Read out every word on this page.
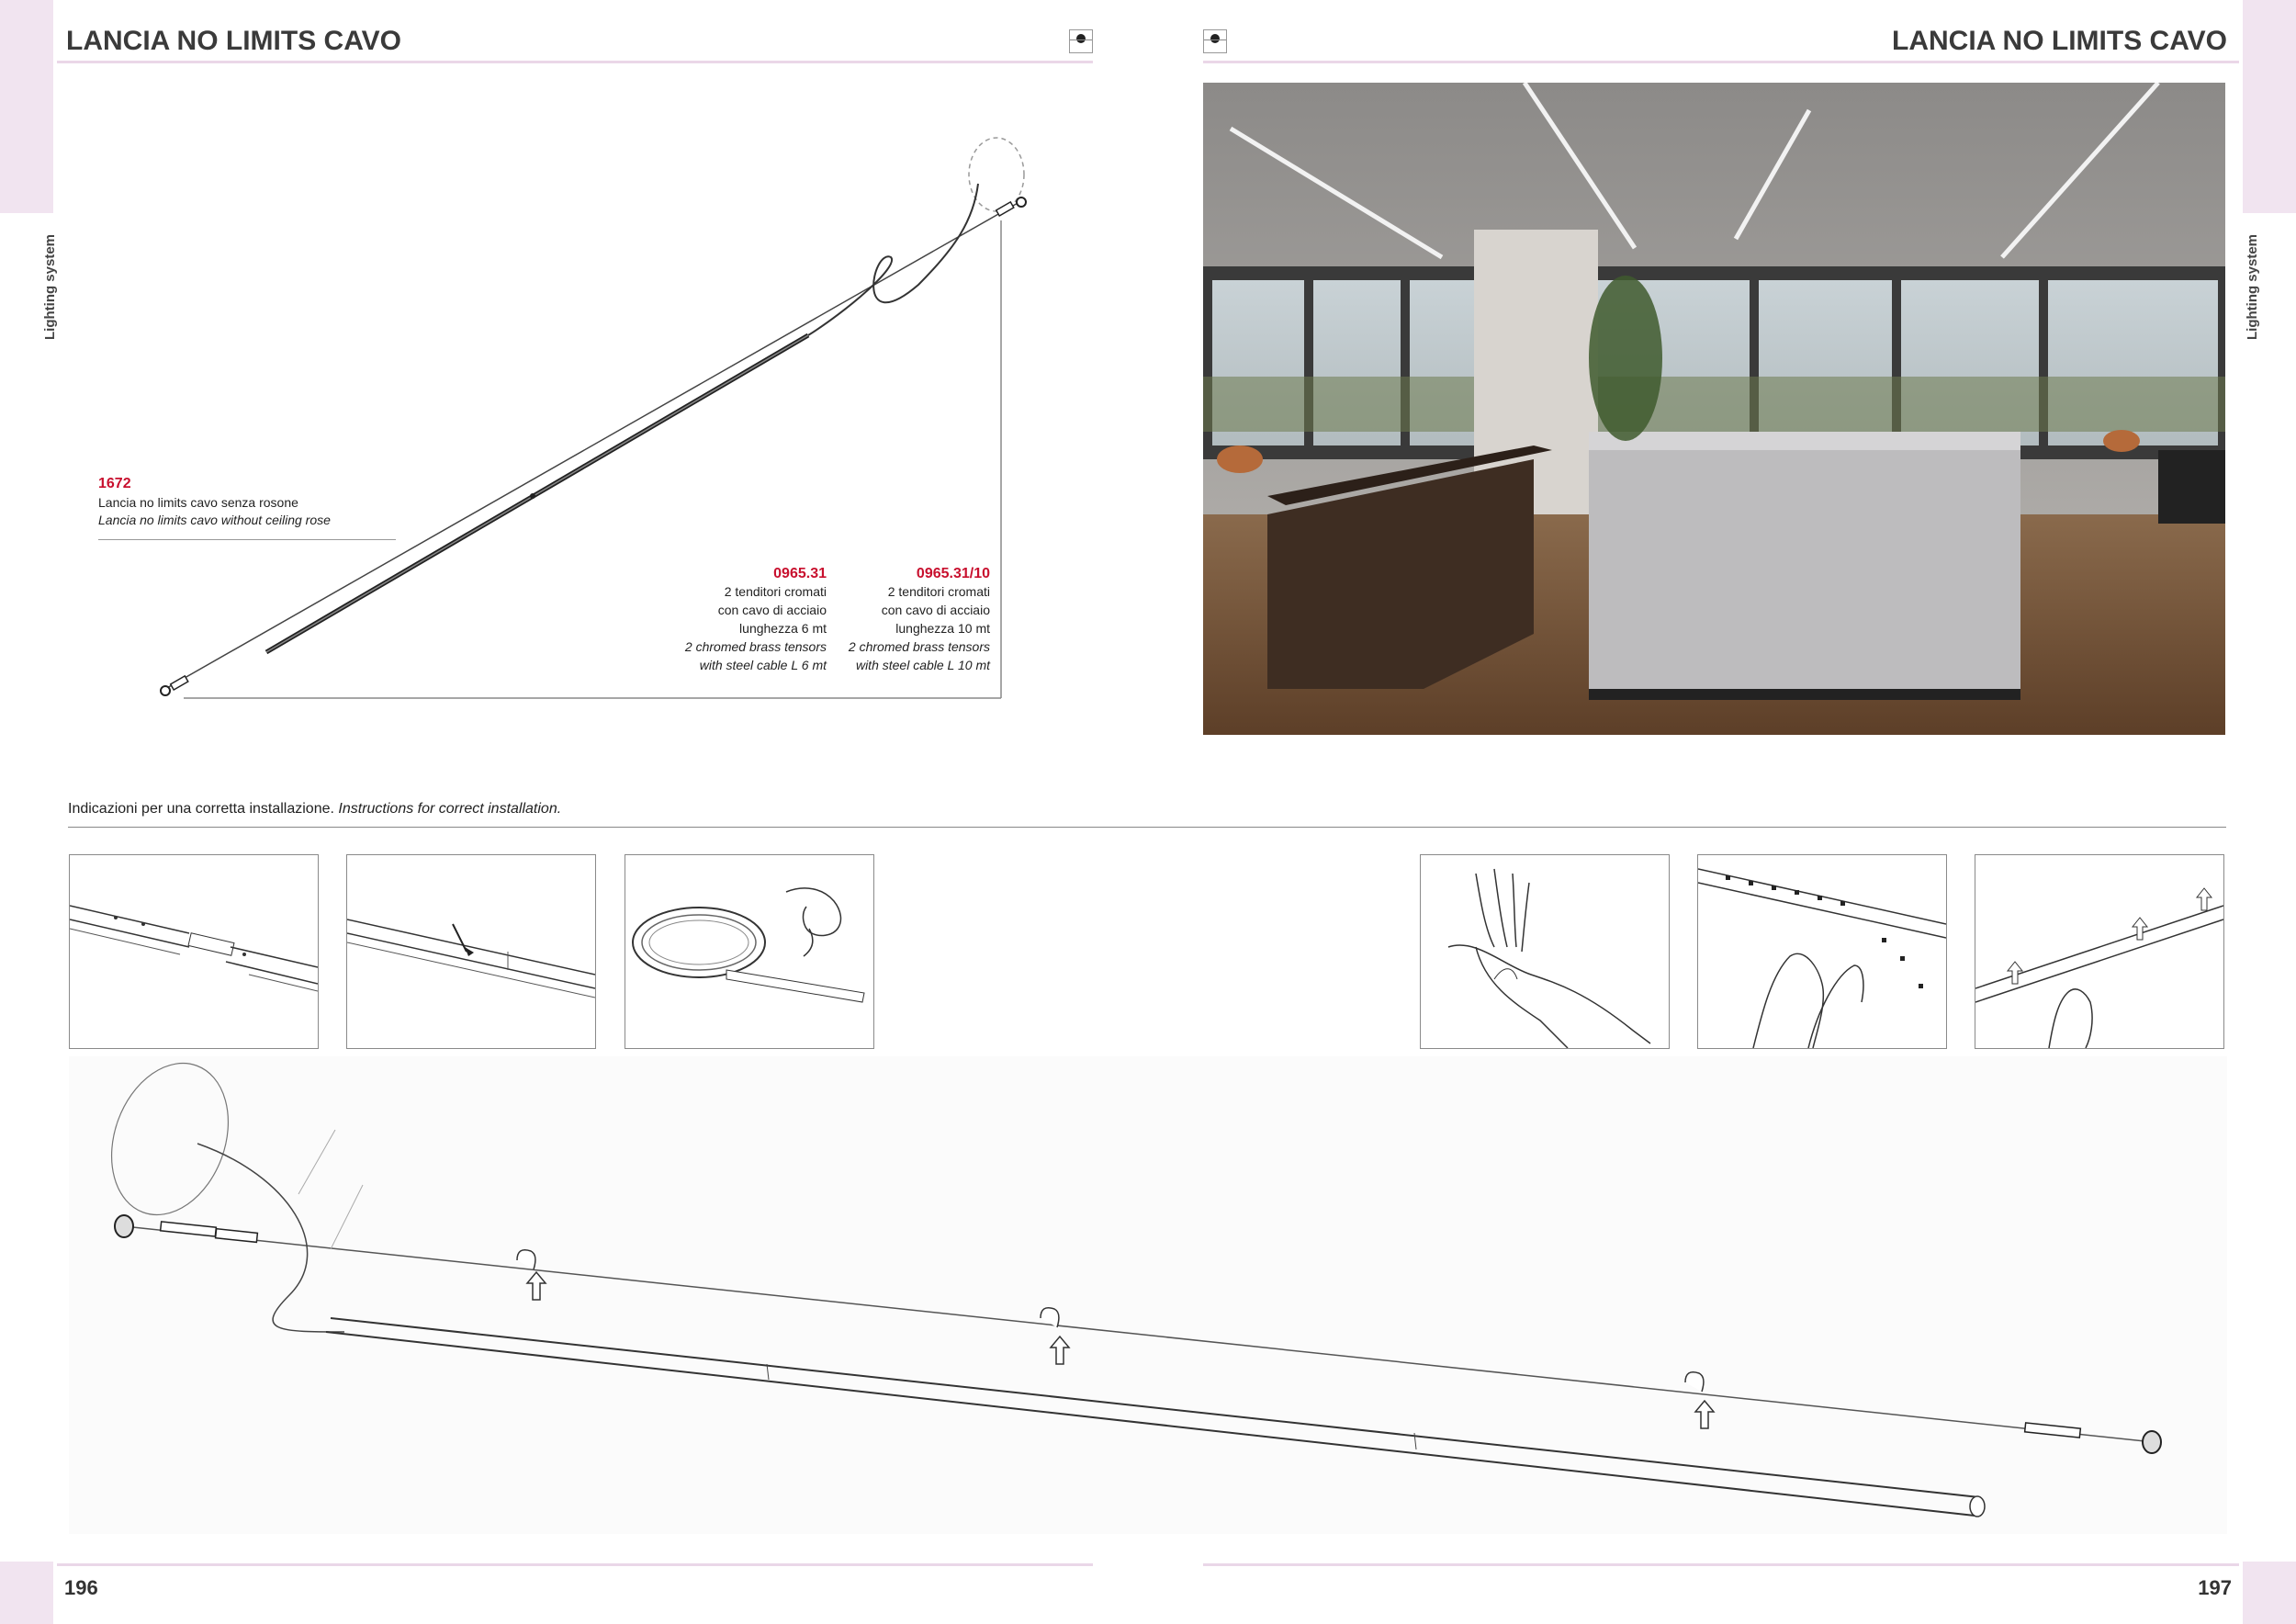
LANCIA NO LIMITS CAVO
Lighting system
1672
Lancia no limits cavo senza rosone
Lancia no limits cavo without ceiling rose
0965.31
2 tenditori cromati
con cavo di acciaio
lunghezza 6 mt
2 chromed brass tensors
with steel cable L 6 mt
0965.31/10
2 tenditori cromati
con cavo di acciaio
lunghezza 10 mt
2 chromed brass tensors
with steel cable L 10 mt
Indicazioni per una corretta installazione. Instructions for correct installation.
196
LANCIA NO LIMITS CAVO
Lighting system
197
